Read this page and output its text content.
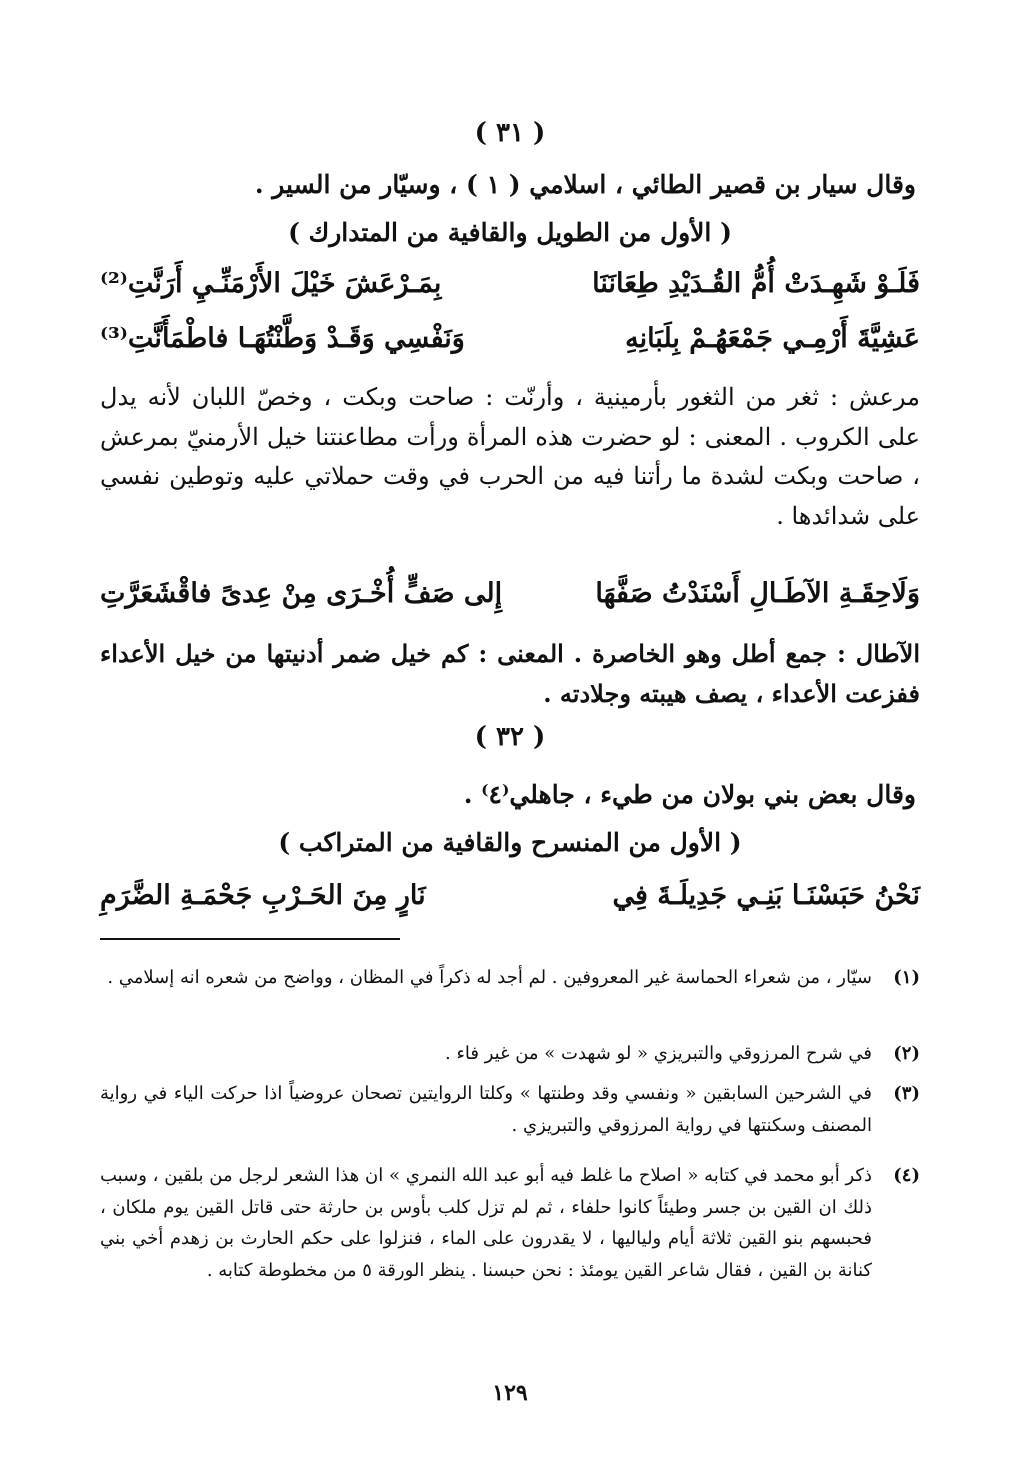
( ٣١ )
وقال سيار بن قصير الطائي ، اسلامي ( ١ ) ، وسيّار من السير .
( الأول من الطويل والقافية من المتدارك )
فَلَـوْ شَهِـدَتْ أُمُّ القُـدَيْدِ طِعَانَنَا
بِمَـرْعَشَ خَيْلَ الأَرْمَنِّـيِ أَرَنَّتِ⁽²⁾
عَشِيَّةَ أَرْمِـي جَمْعَهُـمْ بِلَبَانِهِ
وَنَفْسِي وَقَـدْ وَطَّنْتُهَـا فاطْمَأَنَّتِ⁽³⁾
مرعش : ثغر من الثغور بأرمينية ، وأرنّت : صاحت وبكت ، وخصّ اللبان لأنه يدل على الكروب . المعنى : لو حضرت هذه المرأة ورأت مطاعنتنا خيل الأرمنيّ بمرعش ، صاحت وبكت لشدة ما رأتنا فيه من الحرب في وقت حملاتي عليه وتوطين نفسي على شدائدها .
وَلَاحِقَـةِ الآطَـالِ أَسْنَدْتُ صَفَّهَا
إِلى صَفٍّ أُخْـرَى مِنْ عِدىً فاقْشَعَرَّتِ
الآطال : جمع أطل وهو الخاصرة . المعنى : كم خيل ضمر أدنيتها من خيل الأعداء ففزعت الأعداء ، يصف هيبته وجلادته .
( ٣٢ )
وقال بعض بني بولان من طيء ، جاهلي⁽٤⁾ .
( الأول من المنسرح والقافية من المتراكب )
نَحْنُ حَبَسْنَـا بَنِـي جَدِيلَـةَ فِي
نَارٍ مِنَ الحَـرْبِ جَحْمَـةِ الضَّرَمِ
(١)
سيّار ، من شعراء الحماسة غير المعروفين . لم أجد له ذكراً في المظان ، وواضح من شعره انه إسلامي .
(٢)
في شرح المرزوقي والتبريزي « لو شهدت » من غير فاء .
(٣)
في الشرحين السابقين « ونفسي وقد وطنتها » وكلتا الروايتين تصحان عروضياً اذا حركت الياء في رواية المصنف وسكنتها في رواية المرزوقي والتبريزي .
(٤)
ذكر أبو محمد في كتابه « اصلاح ما غلط فيه أبو عبد الله النمري » ان هذا الشعر لرجل من بلقين ، وسبب ذلك ان القين بن جسر وطيئاً كانوا حلفاء ، ثم لم تزل كلب بأوس بن حارثة حتى قاتل القين يوم ملكان ، فحبسهم بنو القين ثلاثة أيام ولياليها ، لا يقدرون على الماء ، فنزلوا على حكم الحارث بن زهدم أخي بني كنانة بن القين ، فقال شاعر القين يومئذ : نحن حبسنا . ينظر الورقة ٥ من مخطوطة كتابه .
١٢٩
